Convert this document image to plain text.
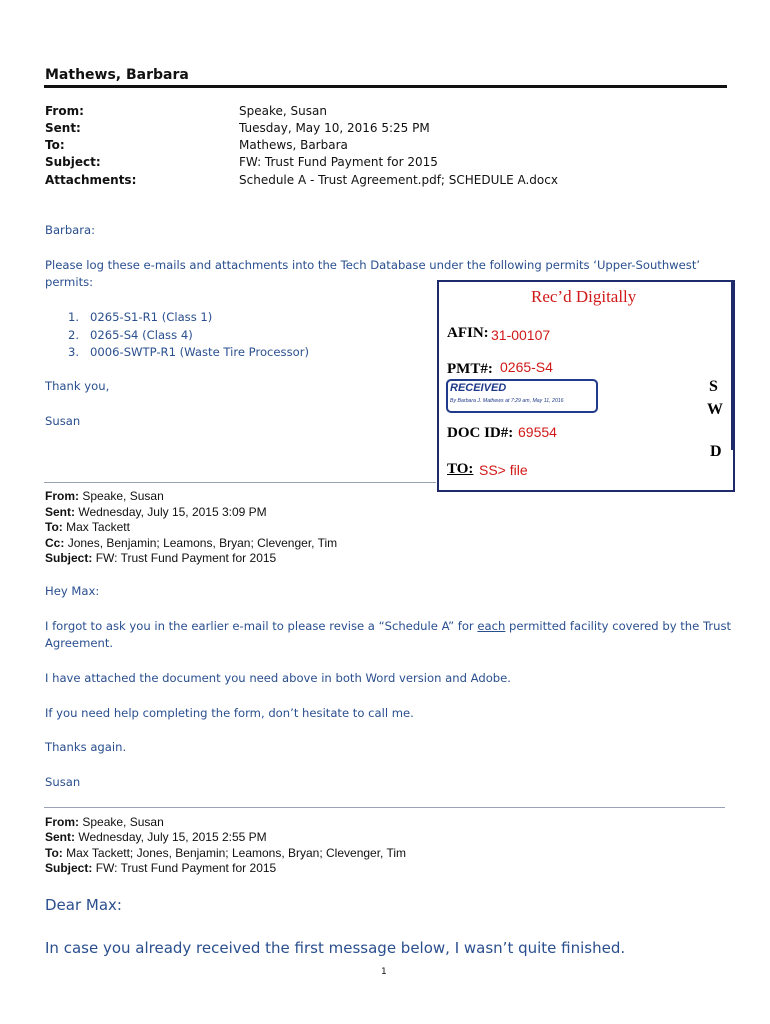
Mathews, Barbara
From:	Speake, Susan
Sent:	Tuesday, May 10, 2016 5:25 PM
To:	Mathews, Barbara
Subject:	FW: Trust Fund Payment for 2015
Attachments:	Schedule A - Trust Agreement.pdf; SCHEDULE A.docx
Barbara:
Please log these e-mails and attachments into the Tech Database under the following permits ‘Upper-Southwest’
permits:
1. 0265-S1-R1 (Class 1)
2. 0265-S4 (Class 4)
3. 0006-SWTP-R1 (Waste Tire Processor)
Thank you,
Susan
Rec’d Digitally
AFIN: 31-00107
PMT#: 0265-S4
RECEIVED
By Barbara J. Mathews at 7:29 am, May 11, 2016
S
W
DOC ID#: 69554
D
TO: SS> file
From: Speake, Susan
Sent: Wednesday, July 15, 2015 3:09 PM
To: Max Tackett
Cc: Jones, Benjamin; Leamons, Bryan; Clevenger, Tim
Subject: FW: Trust Fund Payment for 2015
Hey Max:
I forgot to ask you in the earlier e-mail to please revise a “Schedule A” for each permitted facility covered by the Trust
Agreement.
I have attached the document you need above in both Word version and Adobe.
If you need help completing the form, don’t hesitate to call me.
Thanks again.
Susan
From: Speake, Susan
Sent: Wednesday, July 15, 2015 2:55 PM
To: Max Tackett; Jones, Benjamin; Leamons, Bryan; Clevenger, Tim
Subject: FW: Trust Fund Payment for 2015
Dear Max:
In case you already received the first message below, I wasn’t quite finished.
1
